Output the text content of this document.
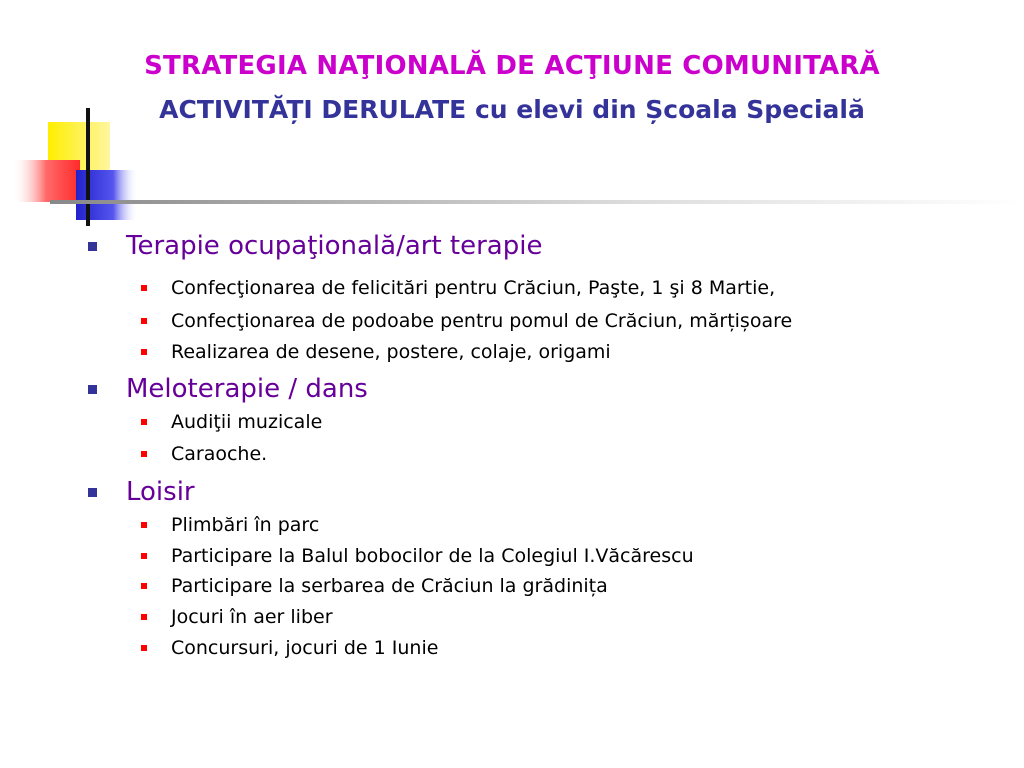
STRATEGIA NAŢIONALĂ DE ACŢIUNE COMUNITARĂ
ACTIVITĂȚI DERULATE cu elevi din Școala Specială
Terapie ocupaţională/art terapie
Confecţionarea de felicitări pentru Crăciun, Paşte, 1 şi 8 Martie,
Confecţionarea de podoabe pentru pomul de Crăciun, mărțișoare
Realizarea de desene, postere, colaje, origami
Meloterapie / dans
Audiţii muzicale
Caraoche.
Loisir
Plimbări în parc
Participare la Balul bobocilor de la Colegiul I.Văcărescu
Participare la serbarea de Crăciun la grădinița
Jocuri în aer liber
Concursuri, jocuri de 1 Iunie
